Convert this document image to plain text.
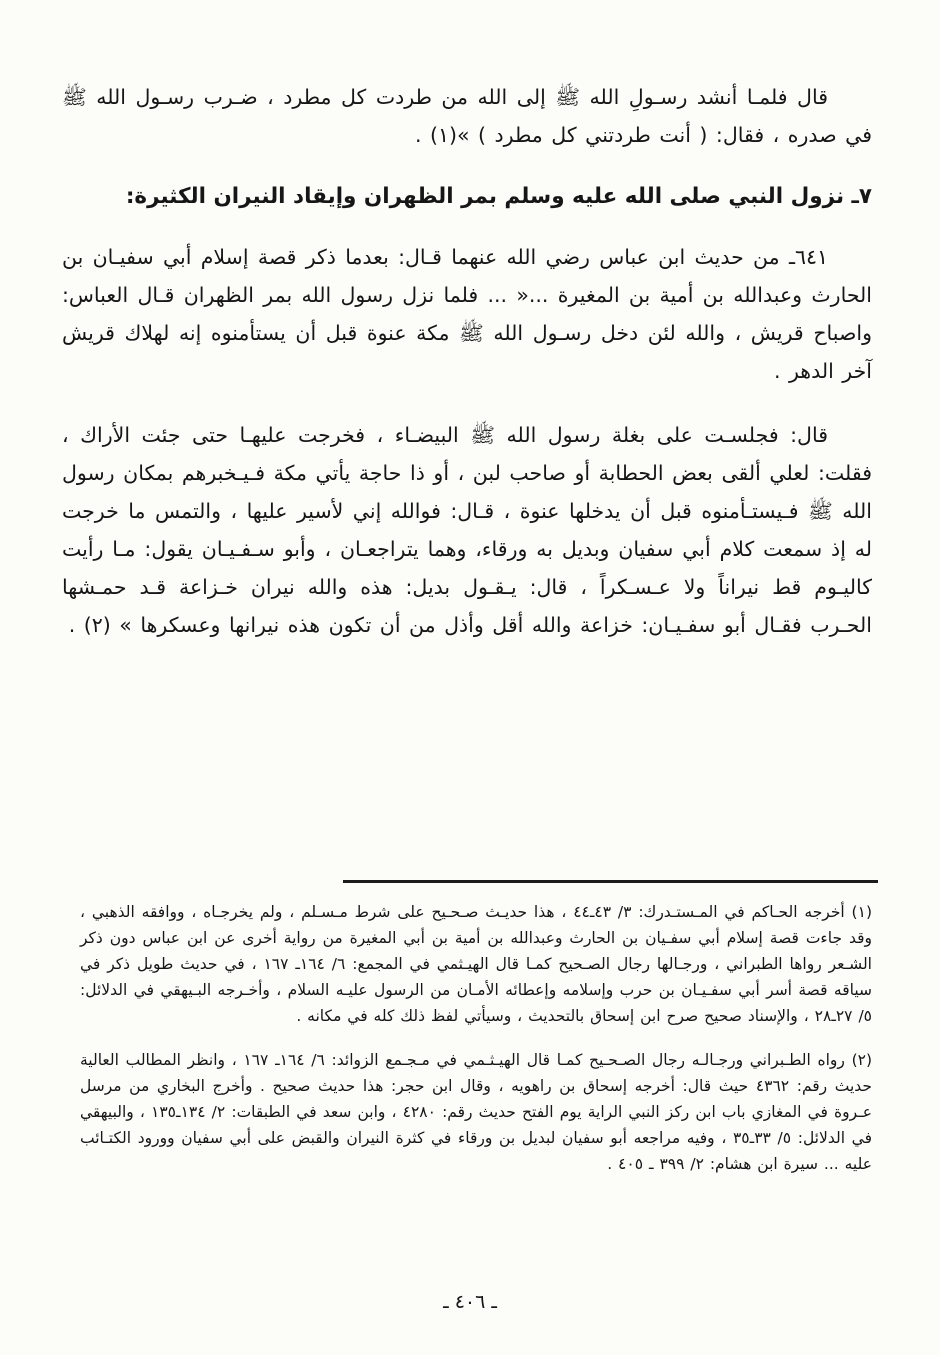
قال فلمـا أنشد رسـولِ الله ﷺ إلى الله من طردت كل مطرد ، ضـرب رسـول الله ﷺ في صدره ، فقال: ( أنت طردتني كل مطرد ) »(١) .

٧ـ نزول النبي صلى الله عليه وسلم بمر الظهران وإيقاد النيران الكثيرة:

٦٤١ـ من حديث ابن عباس رضي الله عنهما قـال: بعدما ذكر قصة إسلام أبي سفيـان بن الحارث وعبدالله بن أمية بن المغيرة ...« ... فلما نزل رسول الله بمر الظهران قـال العباس: واصباح قريش ، والله لئن دخل رسـول الله ﷺ مكة عنوة قبل أن يستأمنوه إنه لهلاك قريش آخر الدهر .

قال: فجلسـت على بغلة رسول الله ﷺ البيضـاء ، فخرجت عليهـا حتى جئت الأراك ، فقلت: لعلي ألقى بعض الحطابة أو صاحب لبن ، أو ذا حاجة يأتي مكة فـيـخبرهم بمكان رسول الله ﷺ فـيستـأمنوه قبل أن يدخلها عنوة ، قـال: فوالله إني لأسير عليها ، والتمس ما خرجت له إذ سمعت كلام أبي سفيان وبديل به ورقاء، وهما يتراجعـان ، وأبو سـفـيـان يقول: مـا رأيت كاليـوم قط نيراناً ولا عـسـكراً ، قال: يـقـول بديل: هذه والله نيران خـزاعة قـد حمـشها الحـرب فقـال أبو سفـيـان: خزاعة والله أقل وأذل من أن تكون هذه نيرانها وعسكرها » (٢) .

(١) أخرجه الحـاكم في المـستـدرك: ٣/ ٤٣ـ٤٤ ، هذا حديـث صـحـيح على شرط مـسـلم ، ولم يخرجـاه ، ووافقه الذهبي ، وقد جاءت قصة إسلام أبي سفـيان بن الحارث وعبدالله بن أمية بن أبي المغيرة من رواية أخرى عن ابن عباس دون ذكر الشـعر رواها الطبراني ، ورجـالها رجال الصـحيح كمـا قال الهيـثمي في المجمع: ٦/ ١٦٤ـ ١٦٧ ، في حديث طويل ذكر في سياقه قصة أسر أبي سفـيـان بن حرب وإسلامه وإعطائه الأمـان من الرسول عليـه السلام ، وأخـرجه البـيهقي في الدلائل: ٥/ ٢٧ـ٢٨ ، والإسناد صحيح صرح ابن إسحاق بالتحديث ، وسيأتي لفظ ذلك كله في مكانه .

(٢) رواه الطـبراني ورجـالـه رجال الصـحـيح كمـا قال الهيـثـمي في مـجـمع الزوائد: ٦/ ١٦٤ـ ١٦٧ ، وانظر المطالب العالية حديث رقم: ٤٣٦٢ حيث قال: أخرجه إسحاق بن راهويه ، وقال ابن حجر: هذا حديث صحيح . وأخرج البخاري من مرسل عـروة في المغازي باب ابن ركز النبي الراية يوم الفتح حديث رقم: ٤٢٨٠ ، وابن سعد في الطبقات: ٢/ ١٣٤ـ١٣٥ ، والبيهقي في الدلائل: ٥/ ٣٣ـ٣٥ ، وفيه مراجعه أبو سفيان لبديل بن ورقاء في كثرة النيران والقبض على أبي سفيان وورود الكتـائب عليه ... سيرة ابن هشام: ٢/ ٣٩٩ ـ ٤٠٥ .

ـ ٤٠٦ ـ
